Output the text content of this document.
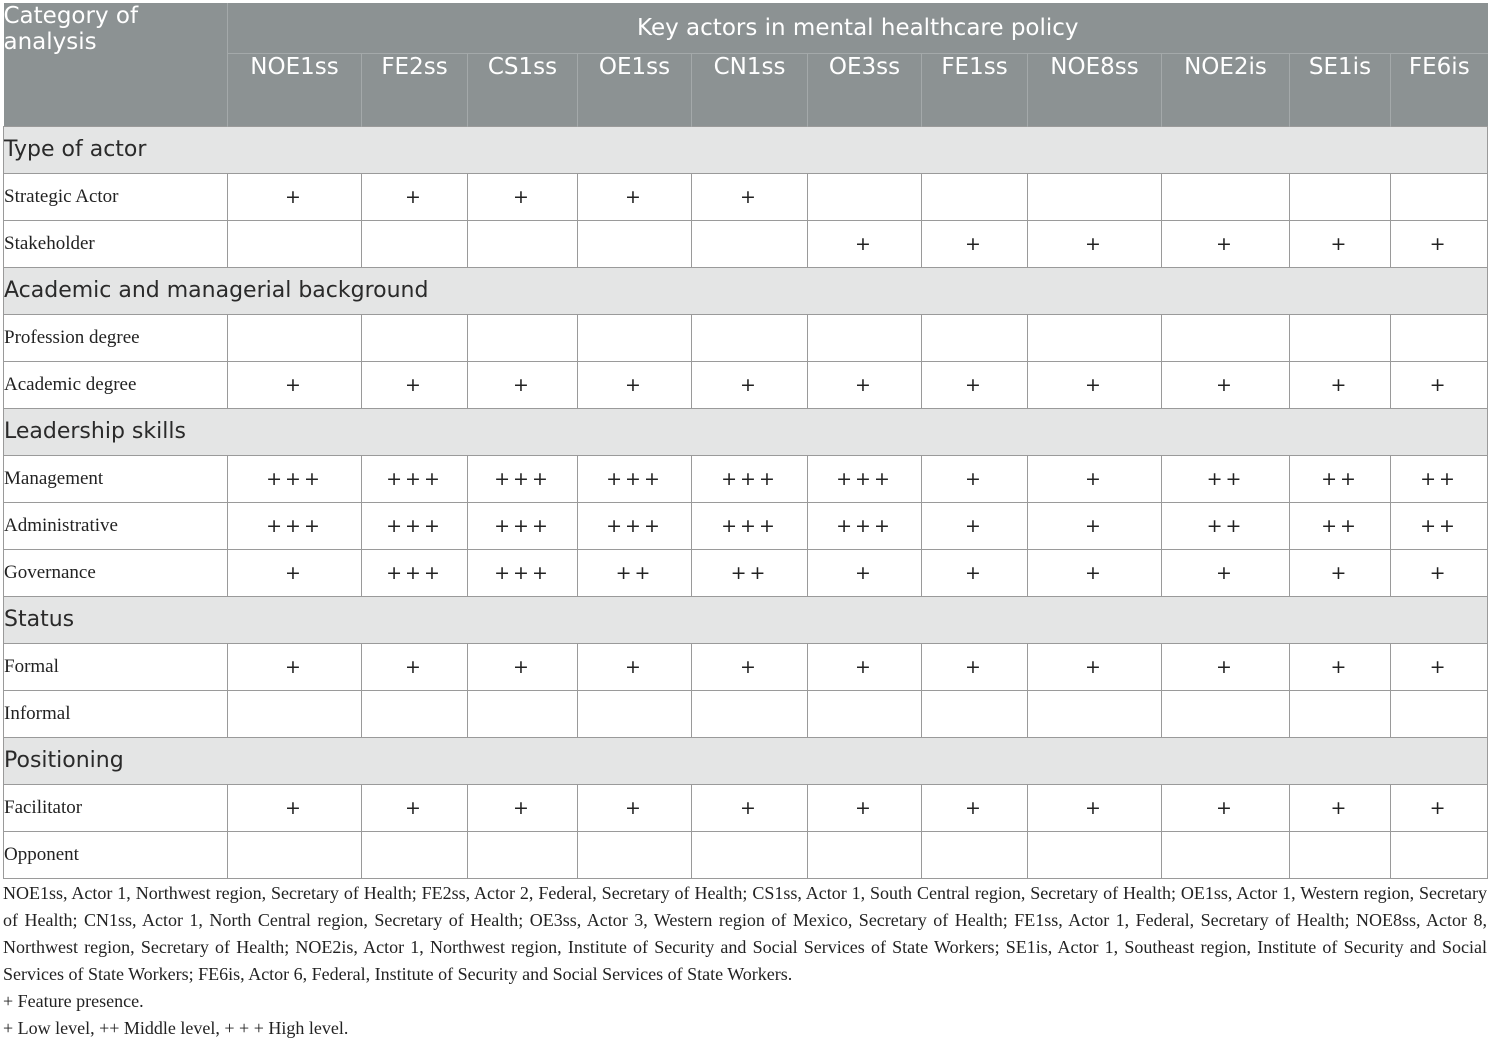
Category of analysis	Key actors in mental healthcare policy										
	NOE1ss	FE2ss	CS1ss	OE1ss	CN1ss	OE3ss	FE1ss	NOE8ss	NOE2is	SE1is	FE6is
Type of actor											
Strategic Actor	+	+	+	+	+						
Stakeholder						+	+	+	+	+	+
Academic and managerial background											
Profession degree											
Academic degree	+	+	+	+	+	+	+	+	+	+	+
Leadership skills											
Management	+++	+++	+++	+++	+++	+++	+	+	++	++	++
Administrative	+++	+++	+++	+++	+++	+++	+	+	++	++	++
Governance	+	+++	+++	++	++	+	+	+	+	+	+
Status											
Formal	+	+	+	+	+	+	+	+	+	+	+
Informal											
Positioning											
Facilitator	+	+	+	+	+	+	+	+	+	+	+
Opponent											

NOE1ss, Actor 1, Northwest region, Secretary of Health; FE2ss, Actor 2, Federal, Secretary of Health; CS1ss, Actor 1, South Central region, Secretary of Health; OE1ss, Actor 1, Western region, Secretary of Health; CN1ss, Actor 1, North Central region, Secretary of Health; OE3ss, Actor 3, Western region of Mexico, Secretary of Health; FE1ss, Actor 1, Federal, Secretary of Health; NOE8ss, Actor 8, Northwest region, Secretary of Health; NOE2is, Actor 1, Northwest region, Institute of Security and Social Services of State Workers; SE1is, Actor 1, Southeast region, Institute of Security and Social Services of State Workers; FE6is, Actor 6, Federal, Institute of Security and Social Services of State Workers.

+ Feature presence.

+ Low level, ++ Middle level, + + + High level.
